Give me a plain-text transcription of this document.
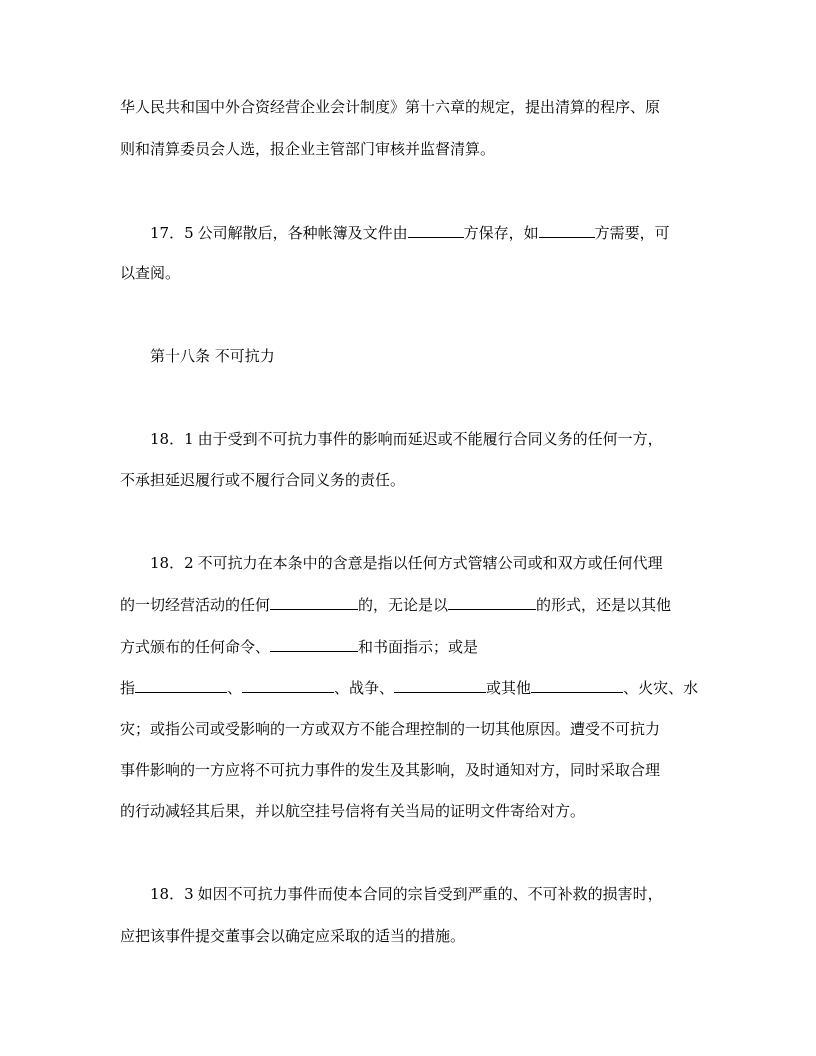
华人民共和国中外合资经营企业会计制度》第十六章的规定，提出清算的程序、原
则和清算委员会人选，报企业主管部门审核并监督清算。
17．5 公司解散后，各种帐簿及文件由	方保存，如	方需要，可
以查阅。
第十八条 不可抗力
18．1 由于受到不可抗力事件的影响而延迟或不能履行合同义务的任何一方，
不承担延迟履行或不履行合同义务的责任。
18．2 不可抗力在本条中的含意是指以任何方式管辖公司或和双方或任何代理
的一切经营活动的任何	的，无论是以	的形式，还是以其他
方式颁布的任何命令、	和书面指示；或是
指	、	、战争、	或其他	、火灾、水
灾；或指公司或受影响的一方或双方不能合理控制的一切其他原因。遭受不可抗力
事件影响的一方应将不可抗力事件的发生及其影响，及时通知对方，同时采取合理
的行动减轻其后果，并以航空挂号信将有关当局的证明文件寄给对方。
18．3 如因不可抗力事件而使本合同的宗旨受到严重的、不可补救的损害时，
应把该事件提交董事会以确定应采取的适当的措施。
